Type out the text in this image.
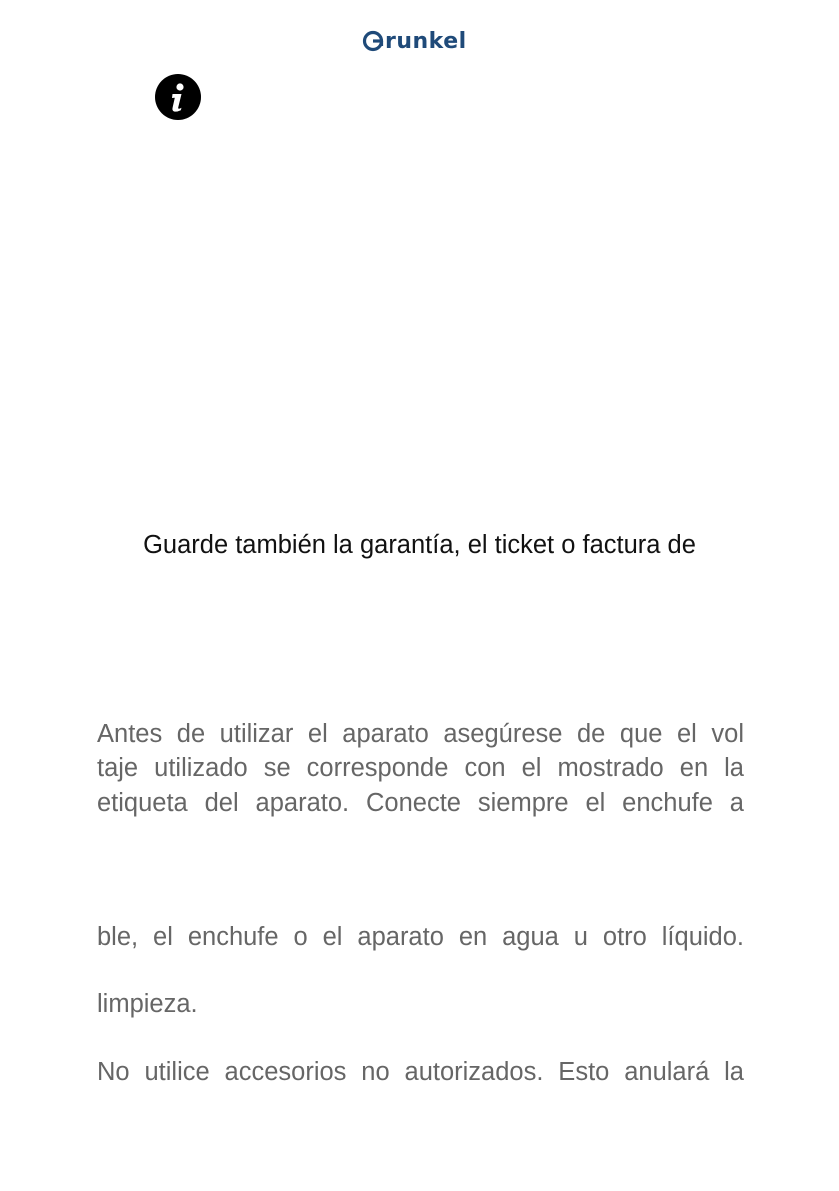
runkel
Guarde también la garantía, el ticket o factura de
Antes de utilizar el aparato asegúrese de que el vol
taje utilizado se corresponde con el mostrado en la
etiqueta del aparato. Conecte siempre el enchufe a
ble, el enchufe o el aparato en agua u otro líquido.
limpieza.
No utilice accesorios no autorizados. Esto anulará la
